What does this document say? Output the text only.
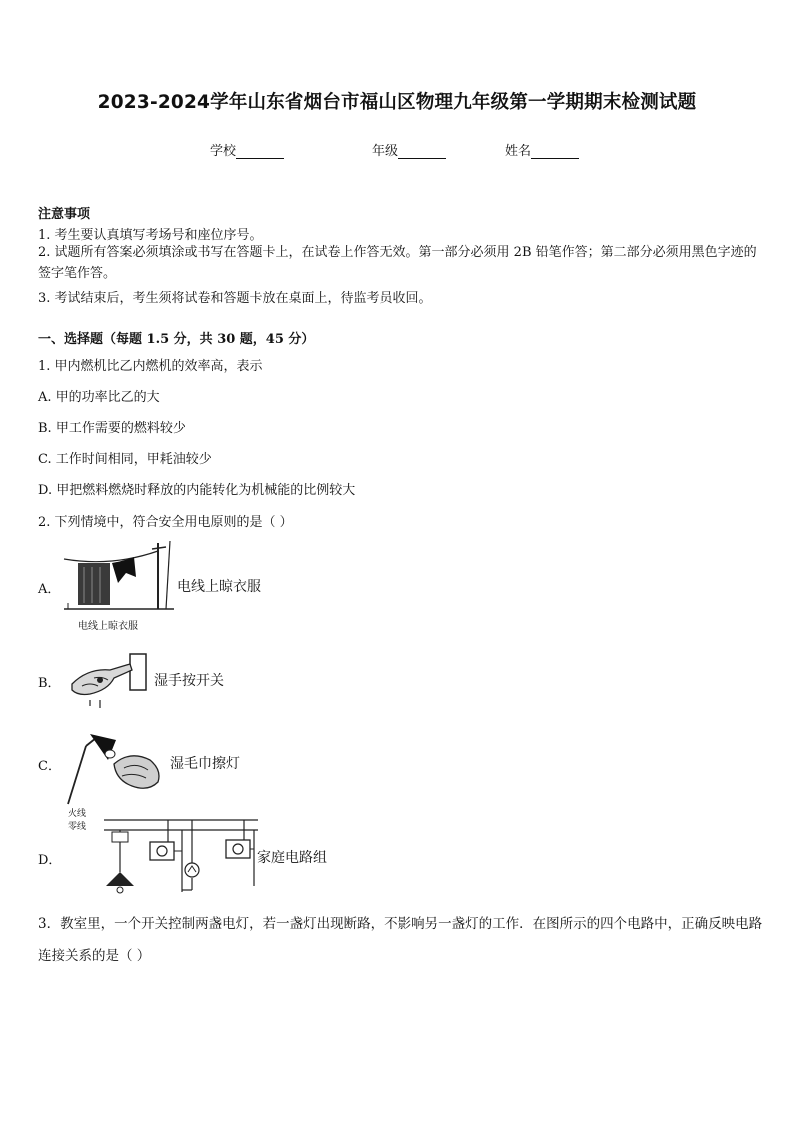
2023-2024学年山东省烟台市福山区物理九年级第一学期期末检测试题
学校	年级	姓名
注意事项
1. 考生要认真填写考场号和座位序号。
2. 试题所有答案必须填涂或书写在答题卡上，在试卷上作答无效。第一部分必须用 2B 铅笔作答；第二部分必须用黑色字迹的签字笔作答。
3. 考试结束后，考生须将试卷和答题卡放在桌面上，待监考员收回。
一、选择题（每题 1.5 分，共 30 题，45 分）
1. 甲内燃机比乙内燃机的效率高，表示
A. 甲的功率比乙的大
B. 甲工作需要的燃料较少
C. 工作时间相同，甲耗油较少
D. 甲把燃料燃烧时释放的内能转化为机械能的比例较大
2. 下列情境中，符合安全用电原则的是（ ）
A．
电线上晾衣服
电线上晾衣服
B．	湿手按开关
C．	湿毛巾擦灯
D．
火线
零线
家庭电路组
3．教室里，一个开关控制两盏电灯，若一盏灯出现断路，不影响另一盏灯的工作．在图所示的四个电路中，正确反映电路连接关系的是（ ）
